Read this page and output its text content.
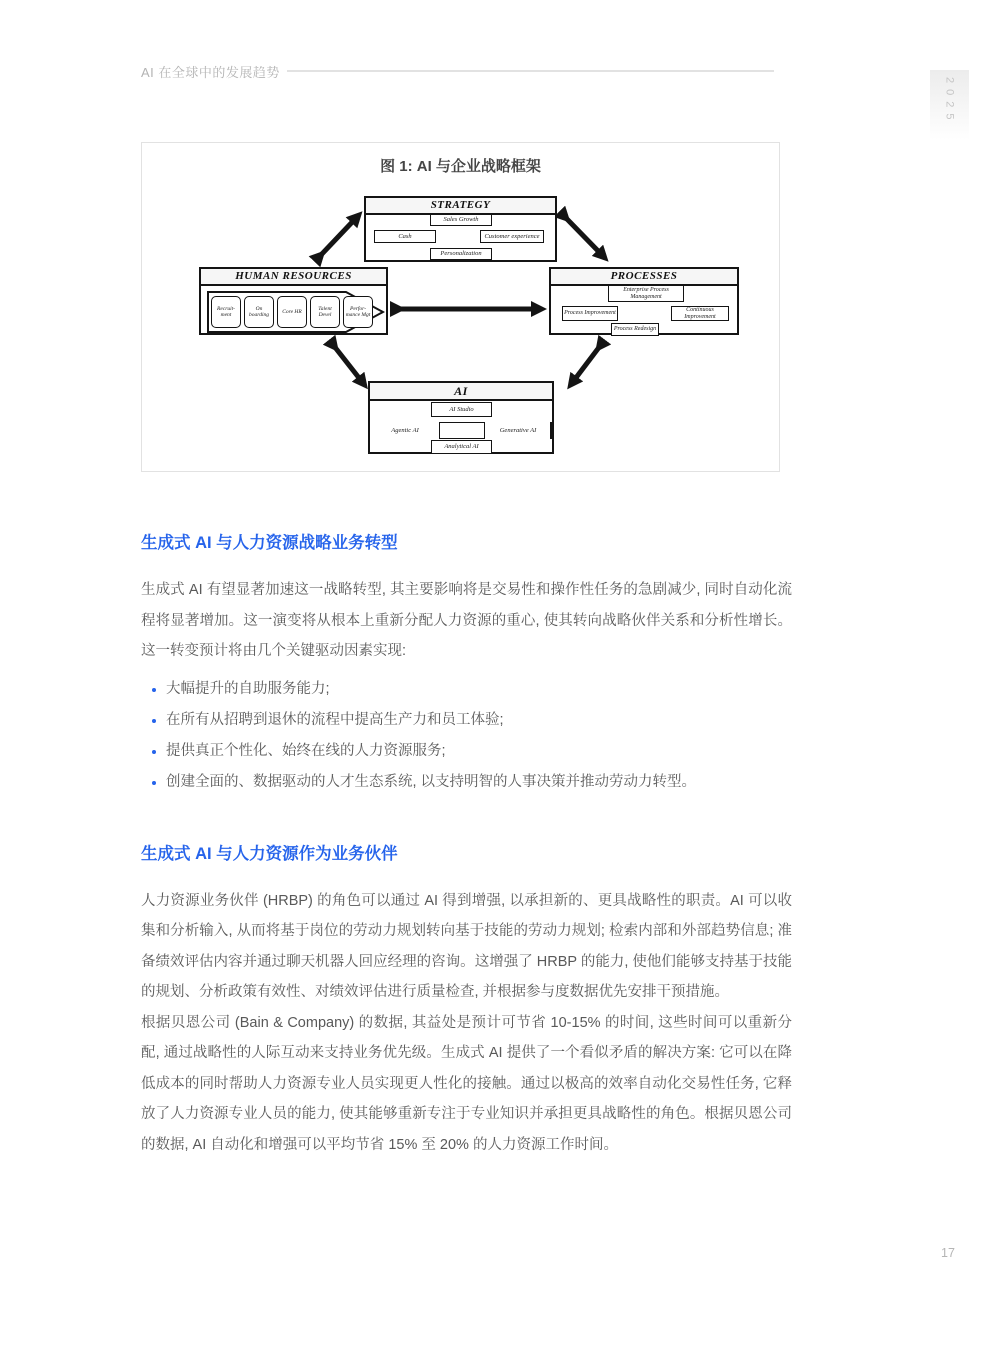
AI 在全球中的发展趋势
2025
图 1: AI 与企业战略框架
STRATEGY
Sales Growth
Cash	Customer experience
Personalization
HUMAN RESOURCES
Recruit- ment
On boarding
Core HR
Talent Devel
Perfor- mance Mgt
PROCESSES
Enterprise Process Management
Process Improvement
Continuous Improvement
Process Redesign
AI
AI Studio
Agentic AI	Generative AI
Analytical AI
生成式 AI 与人力资源战略业务转型

生成式 AI 有望显著加速这一战略转型, 其主要影响将是交易性和操作性任务的急剧减少, 同时自动化流程将显著增加。这一演变将从根本上重新分配人力资源的重心, 使其转向战略伙伴关系和分析性增长。这一转变预计将由几个关键驱动因素实现:

大幅提升的自助服务能力;
在所有从招聘到退休的流程中提高生产力和员工体验;
提供真正个性化、始终在线的人力资源服务;
创建全面的、数据驱动的人才生态系统, 以支持明智的人事决策并推动劳动力转型。
生成式 AI 与人力资源作为业务伙伴

人力资源业务伙伴 (HRBP) 的角色可以通过 AI 得到增强, 以承担新的、更具战略性的职责。AI 可以收集和分析输入, 从而将基于岗位的劳动力规划转向基于技能的劳动力规划; 检索内部和外部趋势信息; 准备绩效评估内容并通过聊天机器人回应经理的咨询。这增强了 HRBP 的能力, 使他们能够支持基于技能的规划、分析政策有效性、对绩效评估进行质量检查, 并根据参与度数据优先安排干预措施。

根据贝恩公司 (Bain & Company) 的数据, 其益处是预计可节省 10-15% 的时间, 这些时间可以重新分配, 通过战略性的人际互动来支持业务优先级。生成式 AI 提供了一个看似矛盾的解决方案: 它可以在降低成本的同时帮助人力资源专业人员实现更人性化的接触。通过以极高的效率自动化交易性任务, 它释放了人力资源专业人员的能力, 使其能够重新专注于专业知识并承担更具战略性的角色。根据贝恩公司的数据, AI 自动化和增强可以平均节省 15% 至 20% 的人力资源工作时间。

17
